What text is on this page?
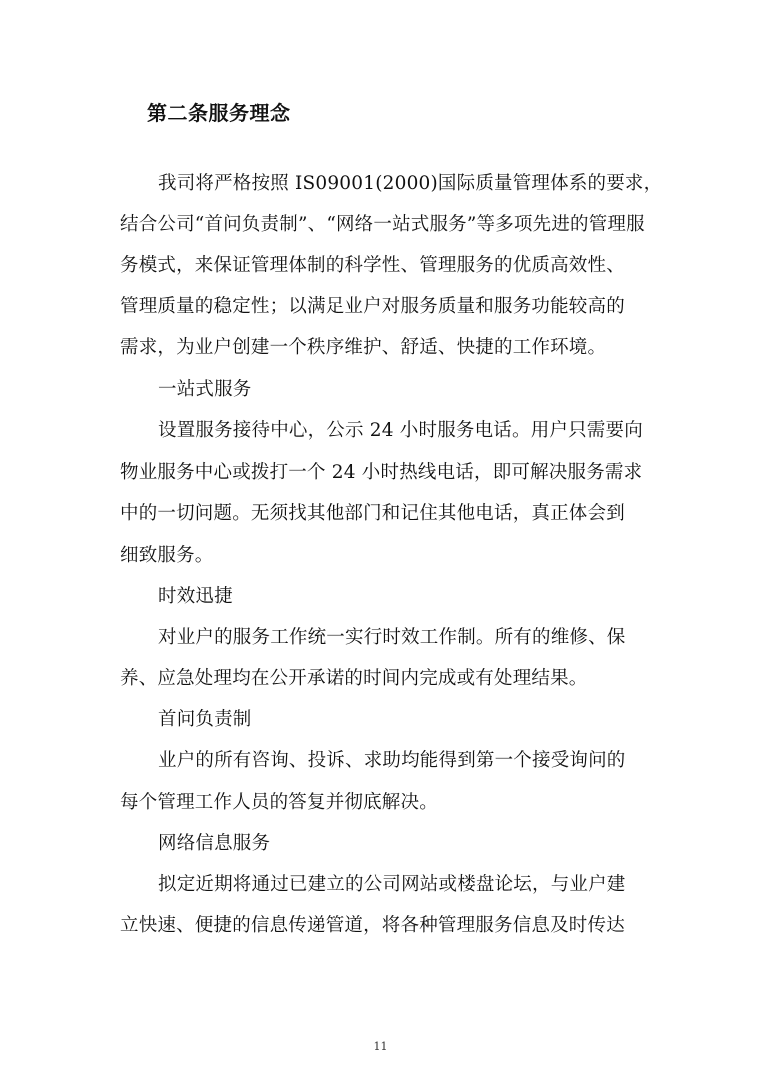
第二条服务理念
我司将严格按照 IS09001(2000)国际质量管理体系的要求，
结合公司“首问负责制”、“网络一站式服务”等多项先进的管理服
务模式，来保证管理体制的科学性、管理服务的优质高效性、
管理质量的稳定性；以满足业户对服务质量和服务功能较高的
需求，为业户创建一个秩序维护、舒适、快捷的工作环境。
一站式服务
设置服务接待中心，公示 24 小时服务电话。用户只需要向
物业服务中心或拨打一个 24 小时热线电话，即可解决服务需求
中的一切问题。无须找其他部门和记住其他电话，真正体会到
细致服务。
时效迅捷
对业户的服务工作统一实行时效工作制。所有的维修、保
养、应急处理均在公开承诺的时间内完成或有处理结果。
首问负责制
业户的所有咨询、投诉、求助均能得到第一个接受询问的
每个管理工作人员的答复并彻底解决。
网络信息服务
拟定近期将通过已建立的公司网站或楼盘论坛，与业户建
立快速、便捷的信息传递管道，将各种管理服务信息及时传达
11
